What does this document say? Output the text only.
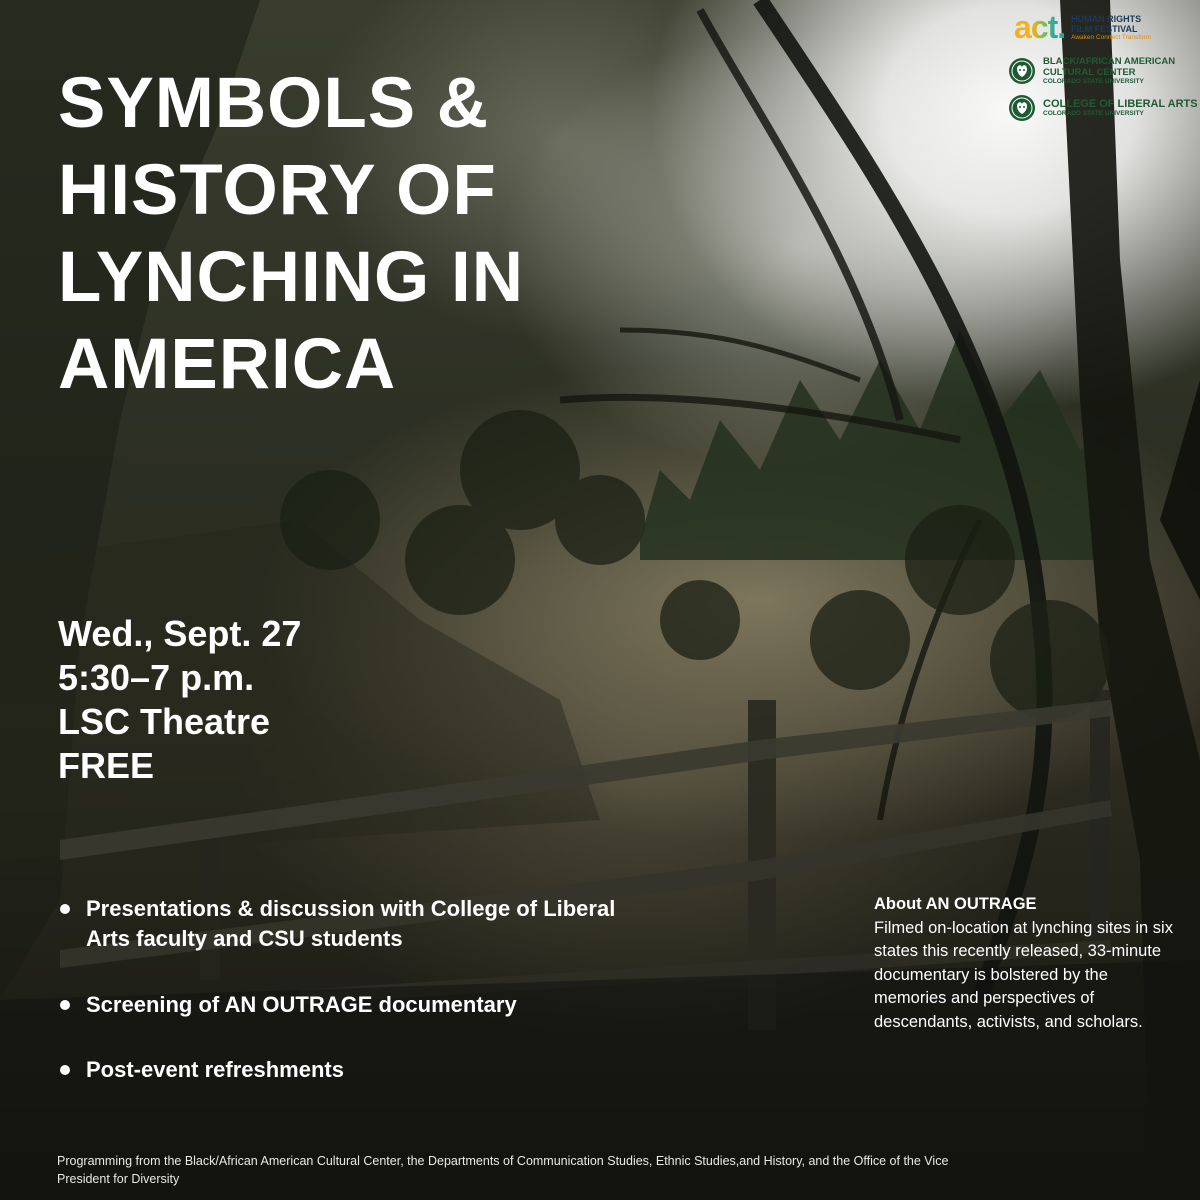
SYMBOLS &
HISTORY OF
LYNCHING IN
AMERICA
Wed., Sept. 27
5:30–7 p.m.
LSC Theatre
FREE
Presentations & discussion with College of Liberal Arts faculty and CSU students
Screening of AN OUTRAGE documentary
Post-event refreshments
About AN OUTRAGE
Filmed on-location at lynching sites in six states this recently released, 33-minute documentary is bolstered by the memories and perspectives of descendants, activists, and scholars.
Programming from the Black/African American Cultural Center, the Departments of Communication Studies, Ethnic Studies,and History, and the Office of the Vice President for Diversity
act. HUMAN RIGHTS
FILM FESTIVAL
Awaken Connect Transform
BLACK/AFRICAN AMERICAN
CULTURAL CENTER
COLORADO STATE UNIVERSITY
COLLEGE OF LIBERAL ARTS
COLORADO STATE UNIVERSITY
